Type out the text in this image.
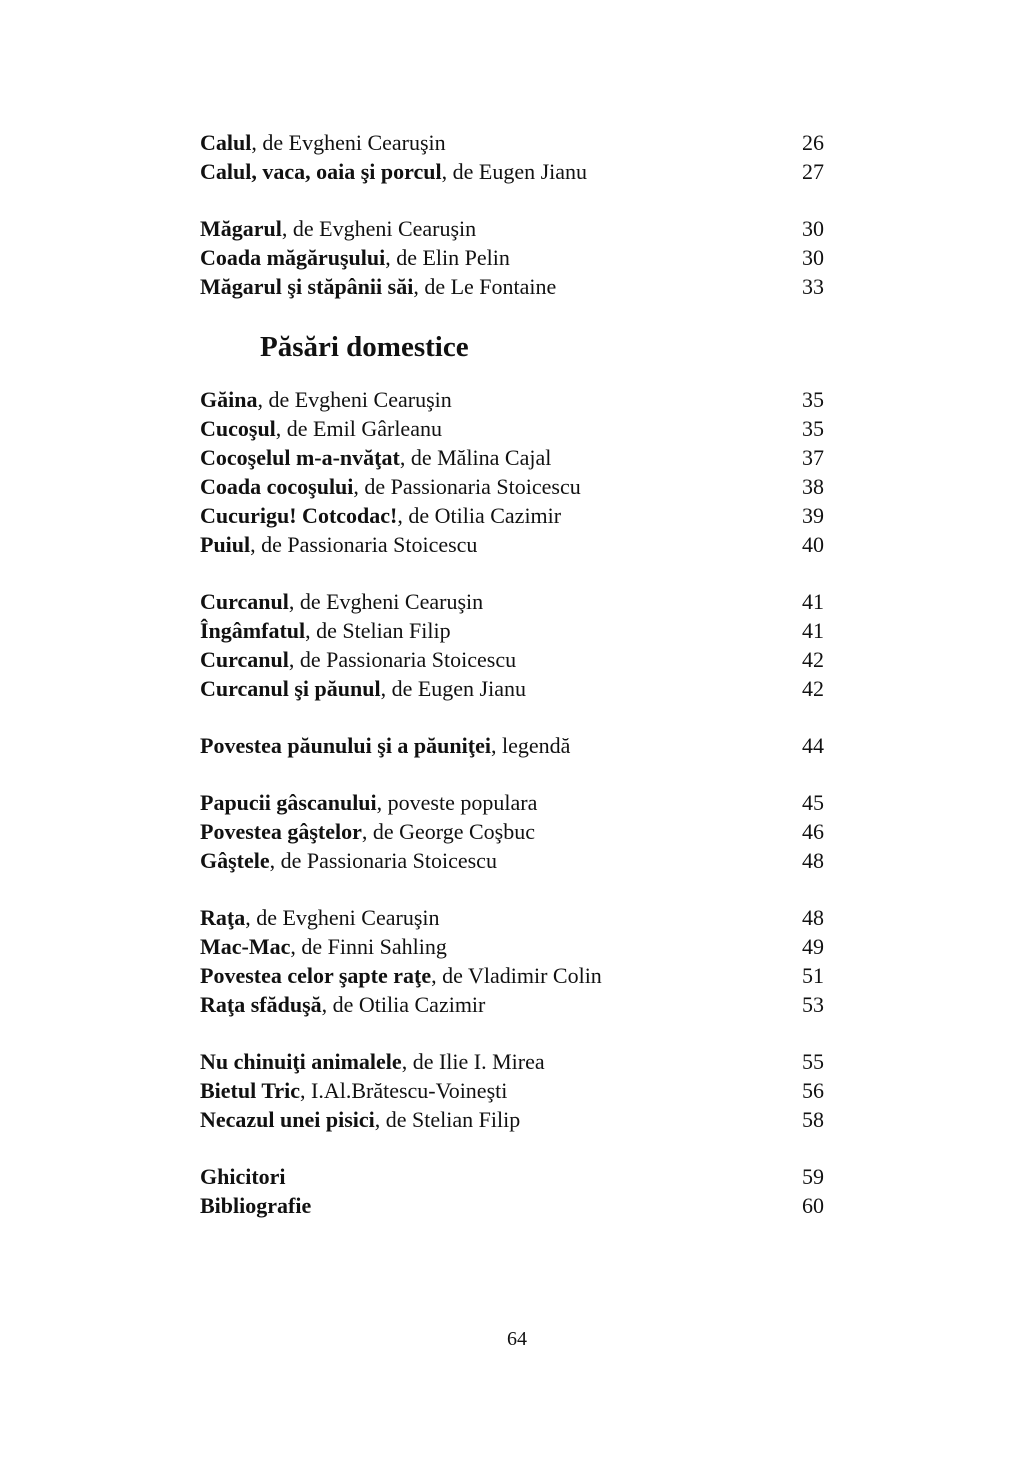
Calul, de Evgheni Cearuşin	26
Calul, vaca, oaia şi porcul, de Eugen Jianu	27
Măgarul, de Evgheni Cearuşin	30
Coada măgăruşului, de Elin Pelin	30
Măgarul şi stăpânii săi, de Le Fontaine	33
Păsări domestice
Găina, de Evgheni Cearuşin	35
Cucoşul, de Emil Gârleanu	35
Cocoşelul m-a-nvăţat, de Mălina Cajal	37
Coada cocoşului, de Passionaria Stoicescu	38
Cucurigu! Cotcodac!, de Otilia Cazimir	39
Puiul, de Passionaria Stoicescu	40
Curcanul, de Evgheni Cearuşin	41
Îngâmfatul, de Stelian Filip	41
Curcanul, de Passionaria Stoicescu	42
Curcanul şi păunul, de Eugen Jianu	42
Povestea păunului şi a păuniţei, legendă	44
Papucii gâscanului, poveste populara	45
Povestea gâştelor, de George Coşbuc	46
Gâştele, de Passionaria Stoicescu	48
Raţa, de Evgheni Cearuşin	48
Mac-Mac, de Finni Sahling	49
Povestea celor şapte raţe, de Vladimir Colin	51
Raţa sfăduşă, de Otilia Cazimir	53
Nu chinuiţi animalele, de Ilie I. Mirea	55
Bietul Tric, I.Al.Brătescu-Voineşti	56
Necazul unei pisici, de Stelian Filip	58
Ghicitori	59
Bibliografie	60
64
